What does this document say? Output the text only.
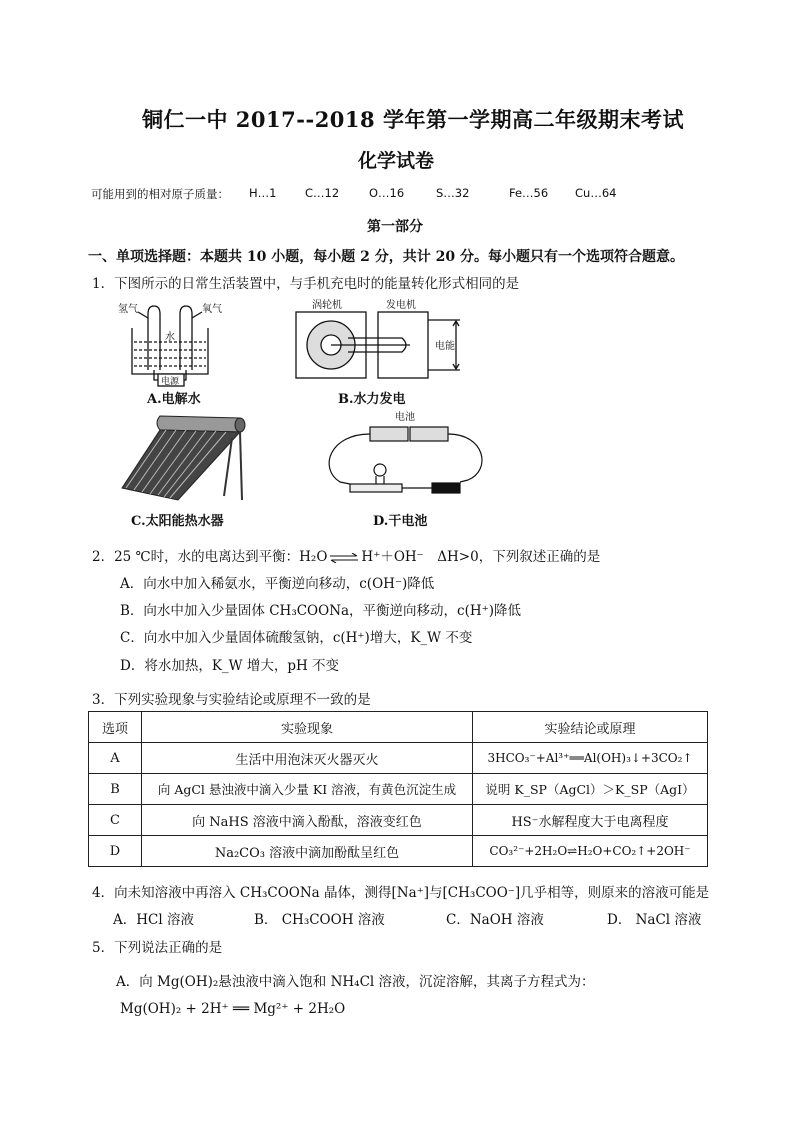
铜仁一中 2017--2018 学年第一学期高二年级期末考试
化学试卷
可能用到的相对原子质量： H…1 C…12	O…16	S…32	Fe…56 Cu…64
第一部分
一、单项选择题：本题共 10 小题，每小题 2 分，共计 20 分。每小题只有一个选项符合题意。
1．下图所示的日常生活装置中，与手机充电时的能量转化形式相同的是
氢气	氧气
水
电源
A.电解水
涡轮机	发电机
电能
B.水力发电
C.太阳能热水器
电池
D.干电池
2．25 ℃时，水的电离达到平衡：H₂O ⇌ H⁺＋OH⁻　ΔH>0，下列叙述正确的是
A．向水中加入稀氨水，平衡逆向移动，c(OH⁻)降低
B．向水中加入少量固体 CH₃COONa，平衡逆向移动，c(H⁺)降低
C．向水中加入少量固体硫酸氢钠，c(H⁺)增大，K_W 不变
D．将水加热，K_W 增大，pH 不变
3．下列实验现象与实验结论或原理不一致的是
选项	实验现象	实验结论或原理
A	生活中用泡沫灭火器灭火	3HCO₃⁻+Al³⁺══Al(OH)₃↓+3CO₂↑
B	向 AgCl 悬浊液中滴入少量 KI 溶液，有黄色沉淀生成	说明 K_SP（AgCl）＞K_SP（AgI）
C	向 NaHS 溶液中滴入酚酞，溶液变红色	HS⁻水解程度大于电离程度
D	Na₂CO₃ 溶液中滴加酚酞呈红色	CO₃²⁻+2H₂O⇌H₂O+CO₂↑+2OH⁻
4．向未知溶液中再溶入 CH₃COONa 晶体，测得[Na⁺]与[CH₃COO⁻]几乎相等，则原来的溶液可能是
A．HCl 溶液	B． CH₃COOH 溶液	C．NaOH 溶液	D． NaCl 溶液
5．下列说法正确的是
A．向 Mg(OH)₂悬浊液中滴入饱和 NH₄Cl 溶液，沉淀溶解，其离子方程式为：
Mg(OH)₂ + 2H⁺ ══ Mg²⁺ + 2H₂O
